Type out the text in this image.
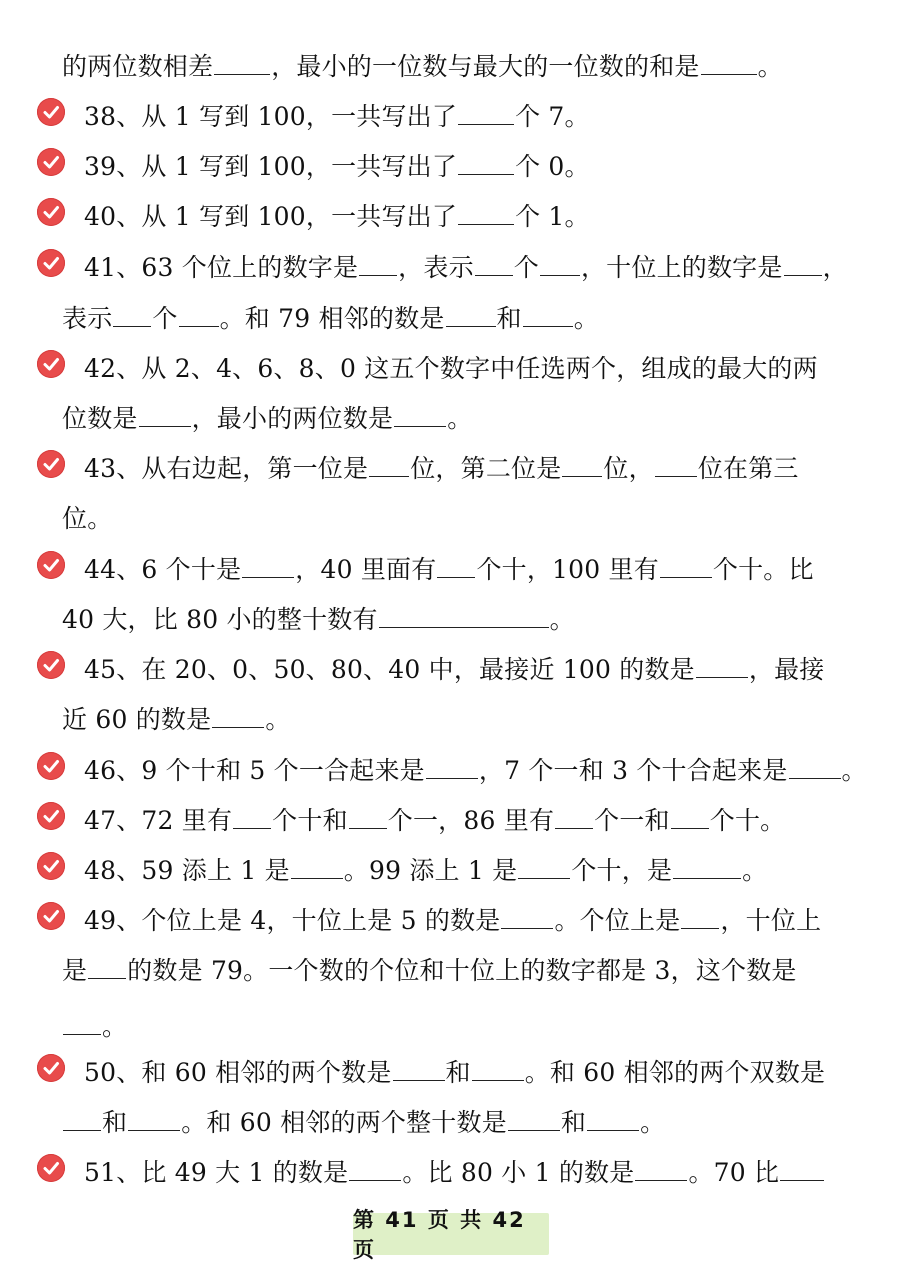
的两位数相差 ，最小的一位数与最大的一位数的和是 。
38、从 1 写到 100，一共写出了 个 7。
39、从 1 写到 100，一共写出了 个 0。
40、从 1 写到 100，一共写出了 个 1。
41、63 个位上的数字是 ，表示 个 ，十位上的数字是 ，
表示 个 。和 79 相邻的数是 和 。
42、从 2、4、6、8、0 这五个数字中任选两个，组成的最大的两
位数是 ，最小的两位数是 。
43、从右边起，第一位是 位，第二位是 位， 位在第三
位。
44、6 个十是 ，40 里面有 个十，100 里有 个十。比
40 大，比 80 小的整十数有	。
45、在 20、0、50、80、40 中，最接近 100 的数是 ，最接
近 60 的数是 。
46、9 个十和 5 个一合起来是 ，7 个一和 3 个十合起来是 。
47、72 里有 个十和 个一，86 里有 个一和 个十。
48、59 添上 1 是 。99 添上 1 是 个十，是	。
49、个位上是 4，十位上是 5 的数是 。个位上是 ，十位上
是 的数是 79。一个数的个位和十位上的数字都是 3，这个数是
。
50、和 60 相邻的两个数是 和 。和 60 相邻的两个双数是
和 。和 60 相邻的两个整十数是 和 。
51、比 49 大 1 的数是 。比 80 小 1 的数是 。70 比
第 41 页 共 42 页
